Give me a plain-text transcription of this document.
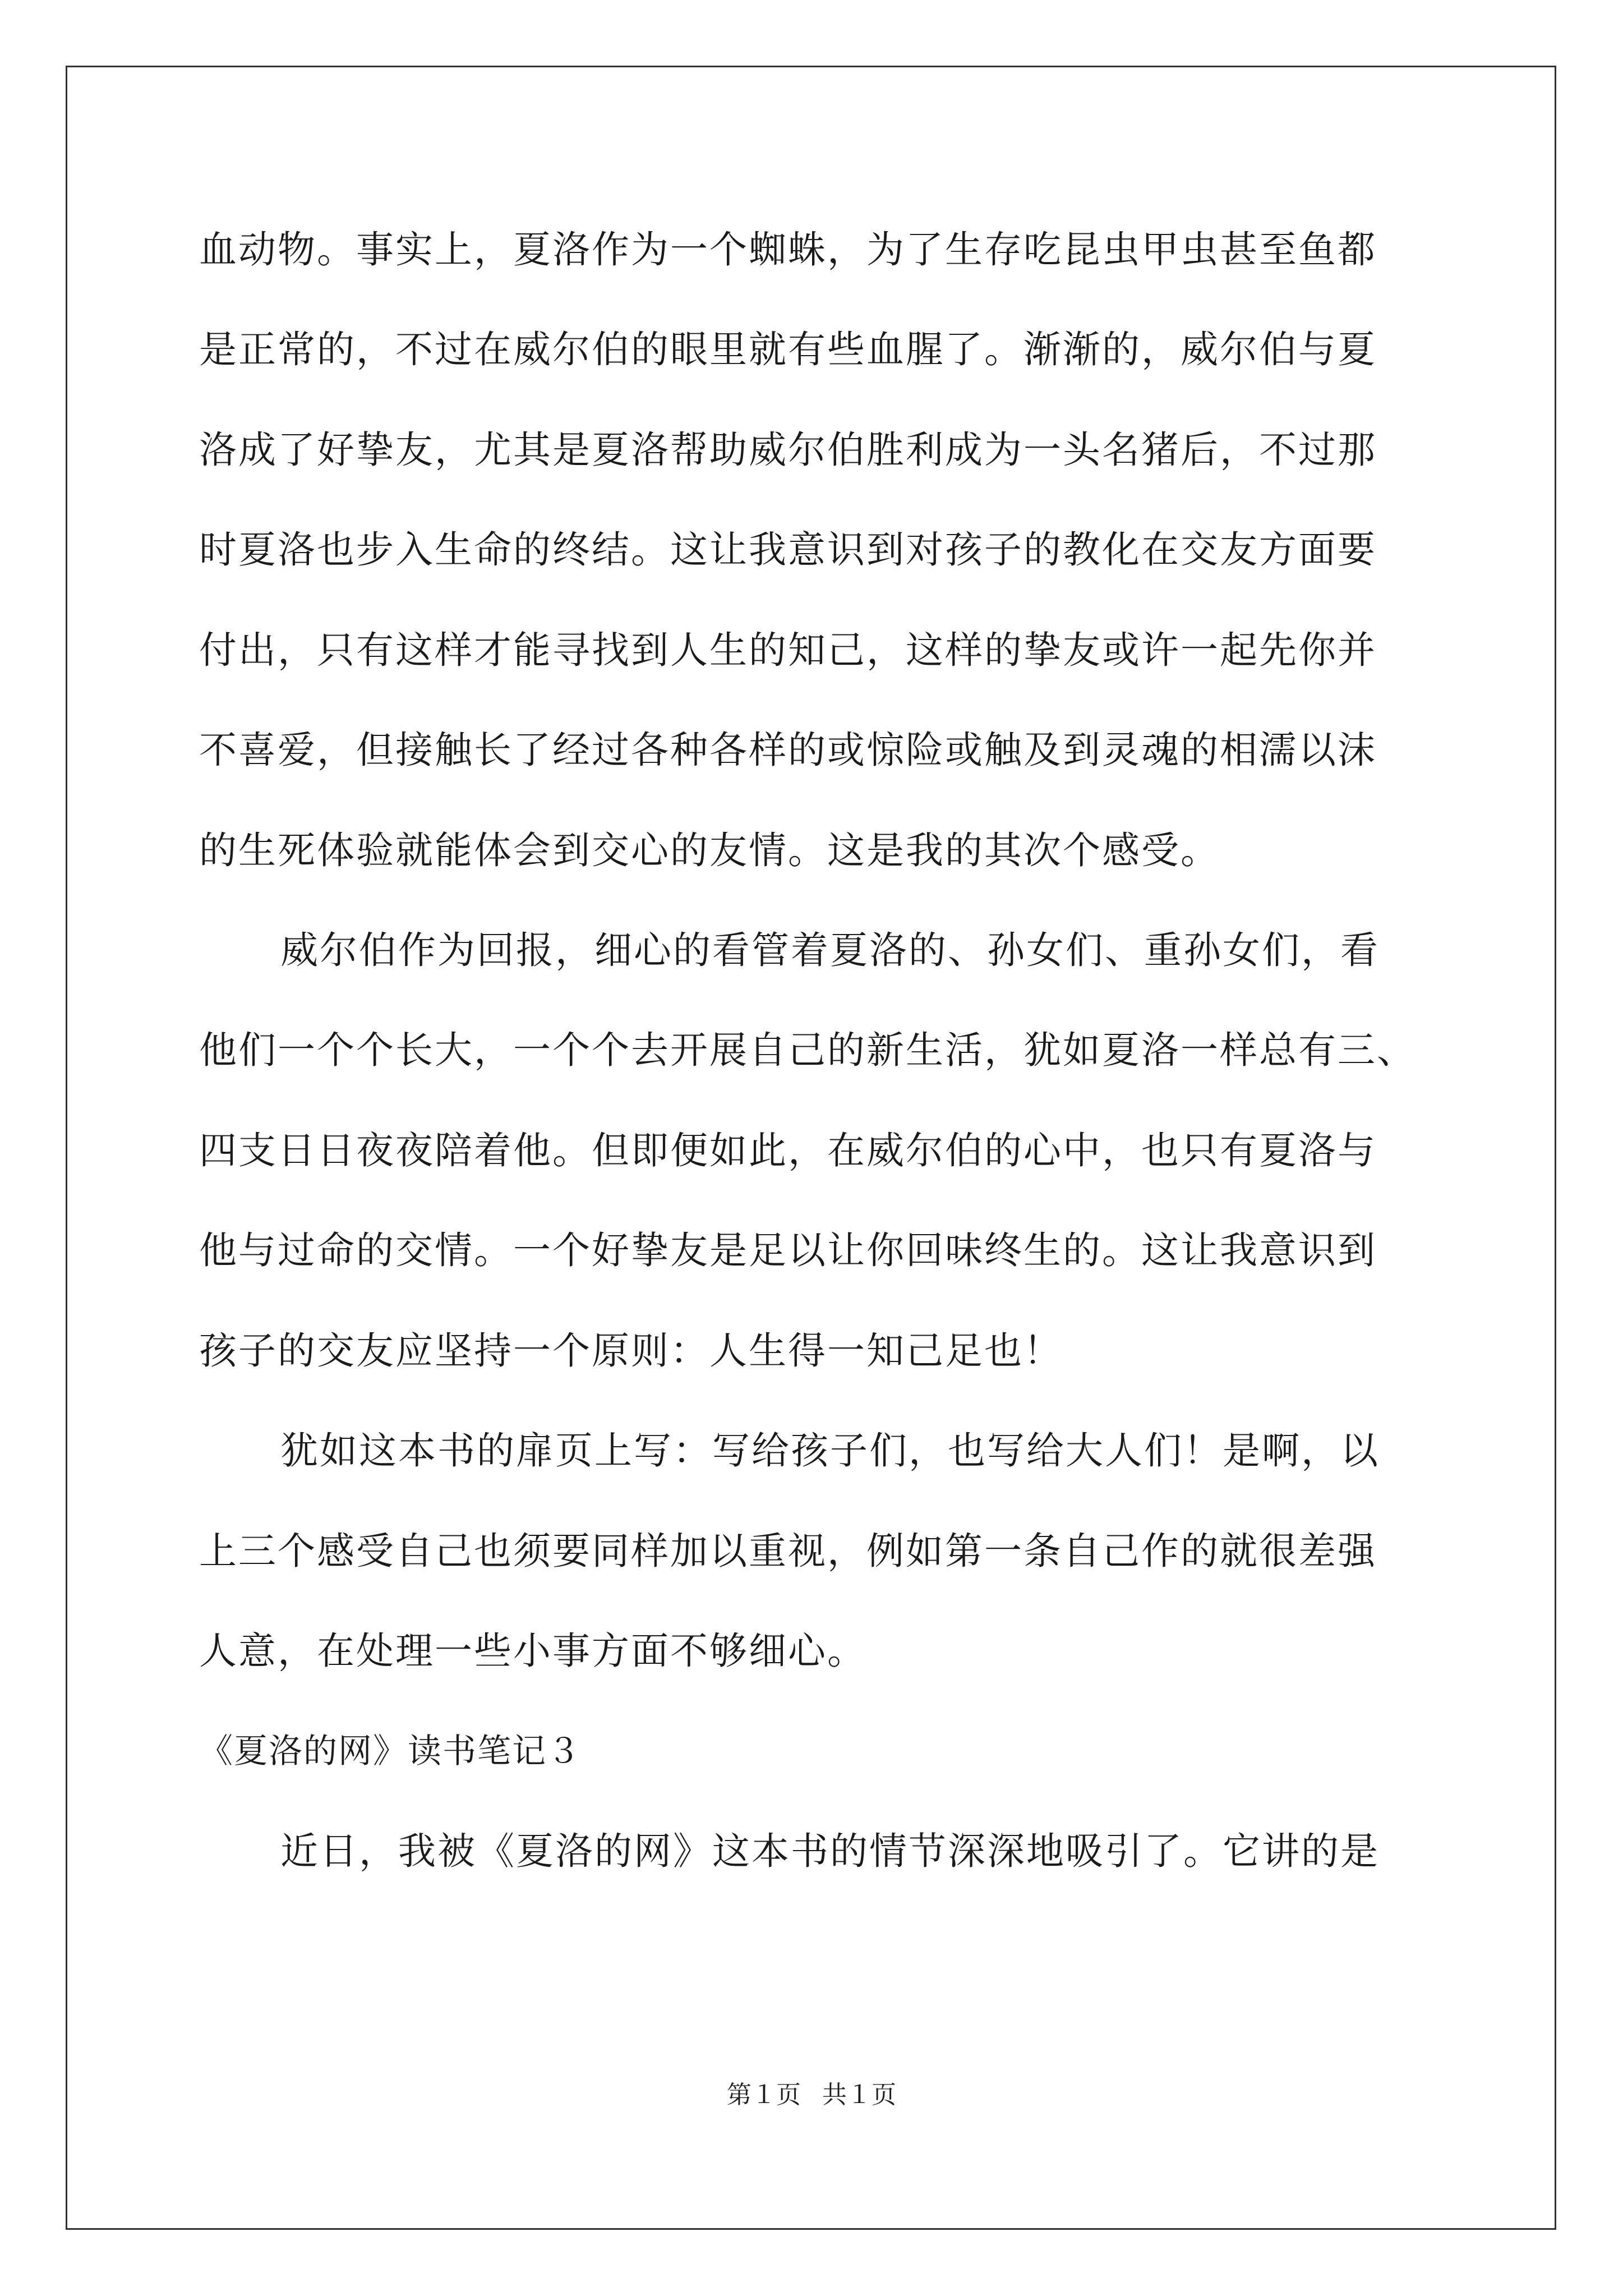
血动物。事实上，夏洛作为一个蜘蛛，为了生存吃昆虫甲虫甚至鱼都
是正常的，不过在威尔伯的眼里就有些血腥了。渐渐的，威尔伯与夏
洛成了好挚友，尤其是夏洛帮助威尔伯胜利成为一头名猪后，不过那
时夏洛也步入生命的终结。这让我意识到对孩子的教化在交友方面要
付出，只有这样才能寻找到人生的知己，这样的挚友或许一起先你并
不喜爱，但接触长了经过各种各样的或惊险或触及到灵魂的相濡以沫
的生死体验就能体会到交心的友情。这是我的其次个感受。
威尔伯作为回报，细心的看管着夏洛的、孙女们、重孙女们，看
他们一个个长大，一个个去开展自己的新生活，犹如夏洛一样总有三、
四支日日夜夜陪着他。但即便如此，在威尔伯的心中，也只有夏洛与
他与过命的交情。一个好挚友是足以让你回味终生的。这让我意识到
孩子的交友应坚持一个原则：人生得一知己足也！
犹如这本书的扉页上写：写给孩子们，也写给大人们！是啊，以
上三个感受自己也须要同样加以重视，例如第一条自己作的就很差强
人意，在处理一些小事方面不够细心。
《夏洛的网》读书笔记３
近日，我被《夏洛的网》这本书的情节深深地吸引了。它讲的是
第１页 共１页
